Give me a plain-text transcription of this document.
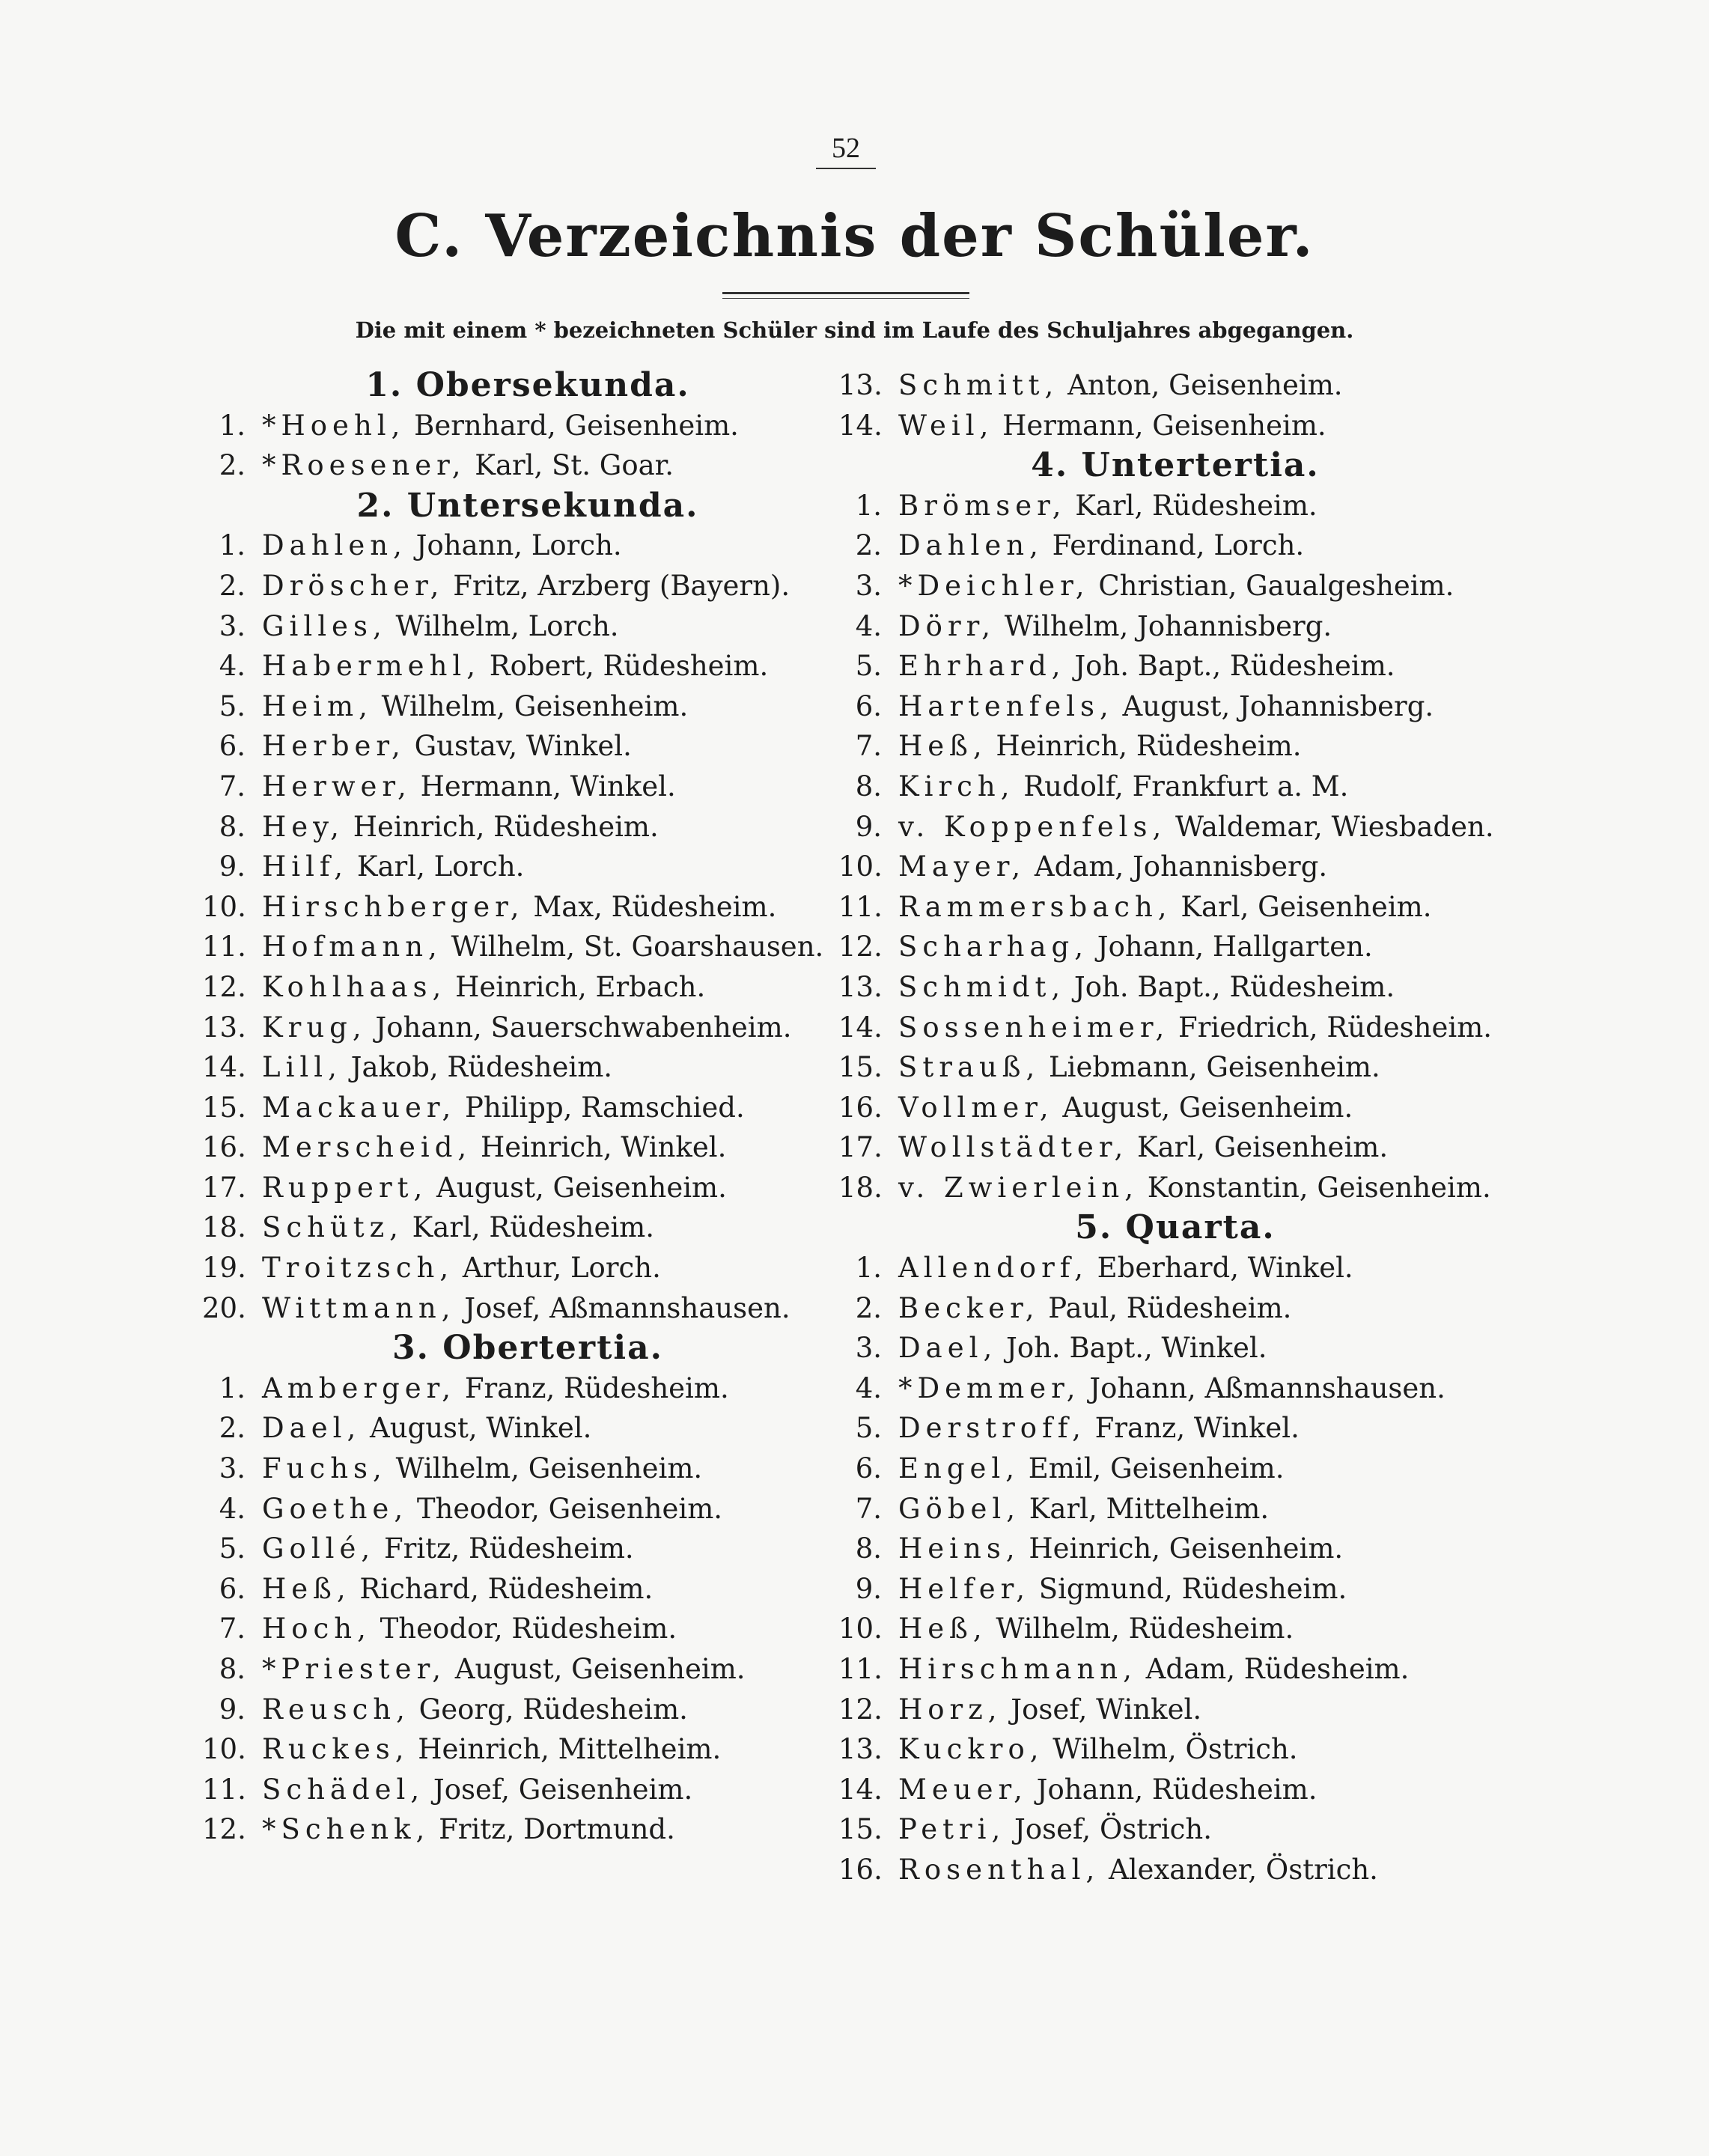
52
C. Verzeichnis der Schüler.
Die mit einem * bezeichneten Schüler sind im Laufe des Schuljahres abgegangen.
1. Obersekunda.
1. *Hoehl, Bernhard, Geisenheim.
2. *Roesener, Karl, St. Goar.
2. Untersekunda.
1. Dahlen, Johann, Lorch.
2. Dröscher, Fritz, Arzberg (Bayern).
3. Gilles, Wilhelm, Lorch.
4. Habermehl, Robert, Rüdesheim.
5. Heim, Wilhelm, Geisenheim.
6. Herber, Gustav, Winkel.
7. Herwer, Hermann, Winkel.
8. Hey, Heinrich, Rüdesheim.
9. Hilf, Karl, Lorch.
10. Hirschberger, Max, Rüdesheim.
11. Hofmann, Wilhelm, St. Goarshausen.
12. Kohlhaas, Heinrich, Erbach.
13. Krug, Johann, Sauerschwabenheim.
14. Lill, Jakob, Rüdesheim.
15. Mackauer, Philipp, Ramschied.
16. Merscheid, Heinrich, Winkel.
17. Ruppert, August, Geisenheim.
18. Schütz, Karl, Rüdesheim.
19. Troitzsch, Arthur, Lorch.
20. Wittmann, Josef, Aßmannshausen.
3. Obertertia.
1. Amberger, Franz, Rüdesheim.
2. Dael, August, Winkel.
3. Fuchs, Wilhelm, Geisenheim.
4. Goethe, Theodor, Geisenheim.
5. Gollé, Fritz, Rüdesheim.
6. Heß, Richard, Rüdesheim.
7. Hoch, Theodor, Rüdesheim.
8. *Priester, August, Geisenheim.
9. Reusch, Georg, Rüdesheim.
10. Ruckes, Heinrich, Mittelheim.
11. Schädel, Josef, Geisenheim.
12. *Schenk, Fritz, Dortmund.
13. Schmitt, Anton, Geisenheim.
14. Weil, Hermann, Geisenheim.
4. Untertertia.
1. Brömser, Karl, Rüdesheim.
2. Dahlen, Ferdinand, Lorch.
3. *Deichler, Christian, Gaualgesheim.
4. Dörr, Wilhelm, Johannisberg.
5. Ehrhard, Joh. Bapt., Rüdesheim.
6. Hartenfels, August, Johannisberg.
7. Heß, Heinrich, Rüdesheim.
8. Kirch, Rudolf, Frankfurt a. M.
9. v. Koppenfels, Waldemar, Wiesbaden.
10. Mayer, Adam, Johannisberg.
11. Rammersbach, Karl, Geisenheim.
12. Scharhag, Johann, Hallgarten.
13. Schmidt, Joh. Bapt., Rüdesheim.
14. Sossenheimer, Friedrich, Rüdesheim.
15. Strauß, Liebmann, Geisenheim.
16. Vollmer, August, Geisenheim.
17. Wollstädter, Karl, Geisenheim.
18. v. Zwierlein, Konstantin, Geisenheim.
5. Quarta.
1. Allendorf, Eberhard, Winkel.
2. Becker, Paul, Rüdesheim.
3. Dael, Joh. Bapt., Winkel.
4. *Demmer, Johann, Aßmannshausen.
5. Derstroff, Franz, Winkel.
6. Engel, Emil, Geisenheim.
7. Göbel, Karl, Mittelheim.
8. Heins, Heinrich, Geisenheim.
9. Helfer, Sigmund, Rüdesheim.
10. Heß, Wilhelm, Rüdesheim.
11. Hirschmann, Adam, Rüdesheim.
12. Horz, Josef, Winkel.
13. Kuckro, Wilhelm, Östrich.
14. Meuer, Johann, Rüdesheim.
15. Petri, Josef, Östrich.
16. Rosenthal, Alexander, Östrich.
